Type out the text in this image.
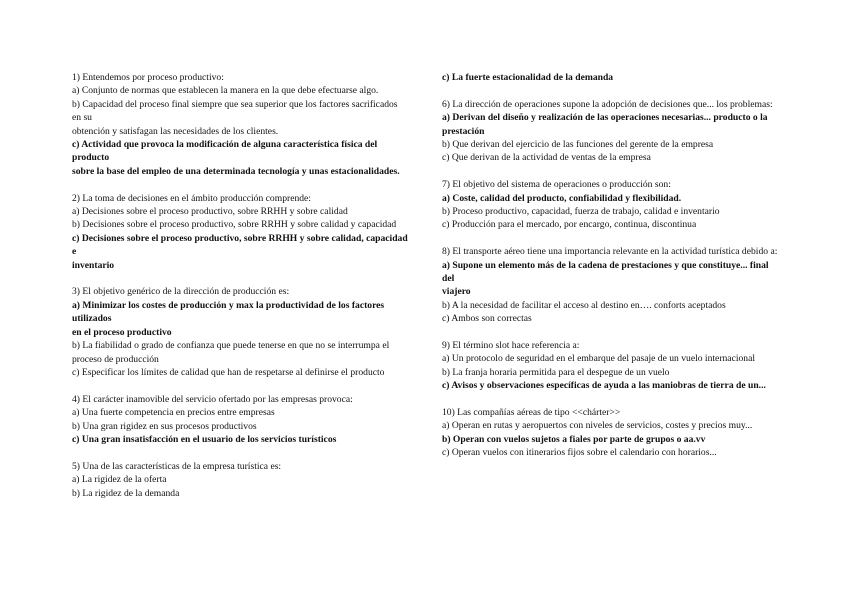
1) Entendemos por proceso productivo:
a) Conjunto de normas que establecen la manera en la que debe efectuarse algo.
b) Capacidad del proceso final siempre que sea superior que los factores sacrificados en su
obtención y satisfagan las necesidades de los clientes.
c) Actividad que provoca la modificación de alguna característica física del producto
sobre la base del empleo de una determinada tecnología y unas estacionalidades.
2) La toma de decisiones en el ámbito producción comprende:
a) Decisiones sobre el proceso productivo, sobre RRHH y sobre calidad
b) Decisiones sobre el proceso productivo, sobre RRHH y sobre calidad y capacidad
c) Decisiones sobre el proceso productivo, sobre RRHH y sobre calidad, capacidad e
inventario
3) El objetivo genérico de la dirección de producción es:
a) Minimizar los costes de producción y max la productividad de los factores utilizados
en el proceso productivo
b) La fiabilidad o grado de confianza que puede tenerse en que no se interrumpa el proceso de producción
c) Especificar los límites de calidad que han de respetarse al definirse el producto
4) El carácter inamovible del servicio ofertado por las empresas provoca:
a) Una fuerte competencia en precios entre empresas
b) Una gran rigidez en sus procesos productivos
c) Una gran insatisfacción en el usuario de los servicios turísticos
5) Una de las características de la empresa turística es:
a) La rigidez de la oferta
b) La rigidez de la demanda
c) La fuerte estacionalidad de la demanda
6) La dirección de operaciones supone la adopción de decisiones que... los problemas:
a) Derivan del diseño y realización de las operaciones necesarias... producto o la prestación
b) Que derivan del ejercicio de las funciones del gerente de la empresa
c) Que derivan de la actividad de ventas de la empresa
7) El objetivo del sistema de operaciones o producción son:
a) Coste, calidad del producto, confiabilidad y flexibilidad.
b) Proceso productivo, capacidad, fuerza de trabajo, calidad e inventario
c) Producción para el mercado, por encargo, continua, discontinua
8) El transporte aéreo tiene una importancia relevante en la actividad turística debido a:
a) Supone un elemento más de la cadena de prestaciones y que constituye... final del
viajero
b) A la necesidad de facilitar el acceso al destino en…. conforts aceptados
c) Ambos son correctas
9) El término slot hace referencia a:
a) Un protocolo de seguridad en el embarque del pasaje de un vuelo internacional
b) La franja horaria permitida para el despegue de un vuelo
c) Avisos y observaciones específicas de ayuda a las maniobras de tierra de un...
10) Las compañías aéreas de tipo <<chárter>>
a) Operan en rutas y aeropuertos con niveles de servicios, costes y precios muy...
b) Operan con vuelos sujetos a fiales por parte de grupos o aa.vv
c) Operan vuelos con itinerarios fijos sobre el calendario con horarios...
